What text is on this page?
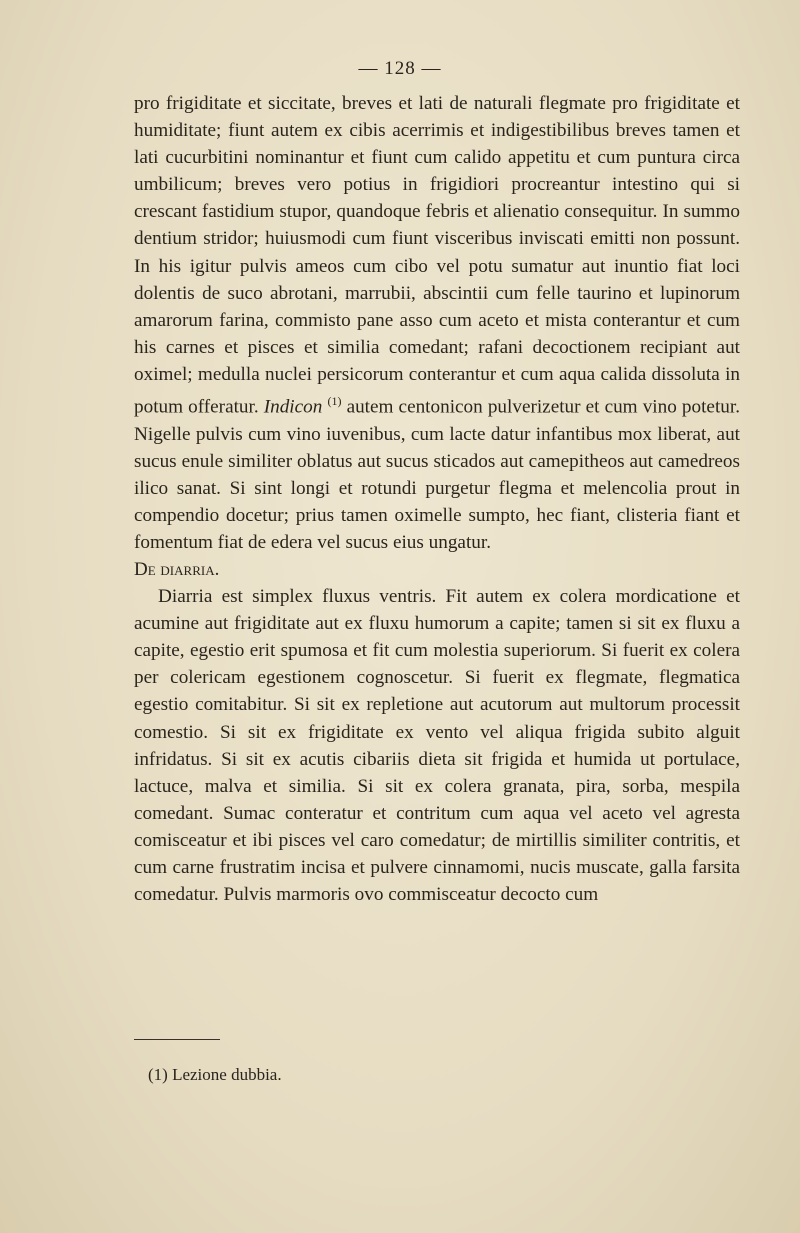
— 128 —

pro frigiditate et siccitate, breves et lati de naturali flegmate pro frigiditate et humiditate; fiunt autem ex cibis acerrimis et indigestibilibus breves tamen et lati cucurbitini nominantur et fiunt cum calido appetitu et cum puntura circa umbilicum; breves vero potius in frigidiori procreantur intestino qui si crescant fastidium stupor, quandoque febris et alienatio consequitur. In summo dentium stridor; huiusmodi cum fiunt visceribus inviscati emitti non possunt. In his igitur pulvis ameos cum cibo vel potu sumatur aut inuntio fiat loci dolentis de suco abrotani, marrubii, abscintii cum felle taurino et lupinorum amarorum farina, commisto pane asso cum aceto et mista conterantur et cum his carnes et pisces et similia comedant; rafani decoctionem recipiant aut oximel; medulla nuclei persicorum conterantur et cum aqua calida dissoluta in potum offeratur. Indicon $^{(1)}$ autem centonicon pulverizetur et cum vino potetur. Nigelle pulvis cum vino iuvenibus, cum lacte datur infantibus mox liberat, aut sucus enule similiter oblatus aut sucus sticados aut camepitheos aut camedreos ilico sanat. Si sint longi et rotundi purgetur flegma et melencolia prout in compendio docetur; prius tamen oximelle sumpto, hec fiant, clisteria fiant et fomentum fiat de edera vel sucus eius ungatur.

De diarria.

Diarria est simplex fluxus ventris. Fit autem ex colera mordicatione et acumine aut frigiditate aut ex fluxu humorum a capite; tamen si sit ex fluxu a capite, egestio erit spumosa et fit cum molestia superiorum. Si fuerit ex colera per colericam egestionem cognoscetur. Si fuerit ex flegmate, flegmatica egestio comitabitur. Si sit ex repletione aut acutorum aut multorum processit comestio. Si sit ex frigiditate ex vento vel aliqua frigida subito alguit infridatus. Si sit ex acutis cibariis dieta sit frigida et humida ut portulace, lactuce, malva et similia. Si sit ex colera granata, pira, sorba, mespila comedant. Sumac conteratur et contritum cum aqua vel aceto vel agresta comisceatur et ibi pisces vel caro comedatur; de mirtillis similiter contritis, et cum carne frustratim incisa et pulvere cinnamomi, nucis muscate, galla farsita comedatur. Pulvis marmoris ovo commisceatur decocto cum

(1) Lezione dubbia.
